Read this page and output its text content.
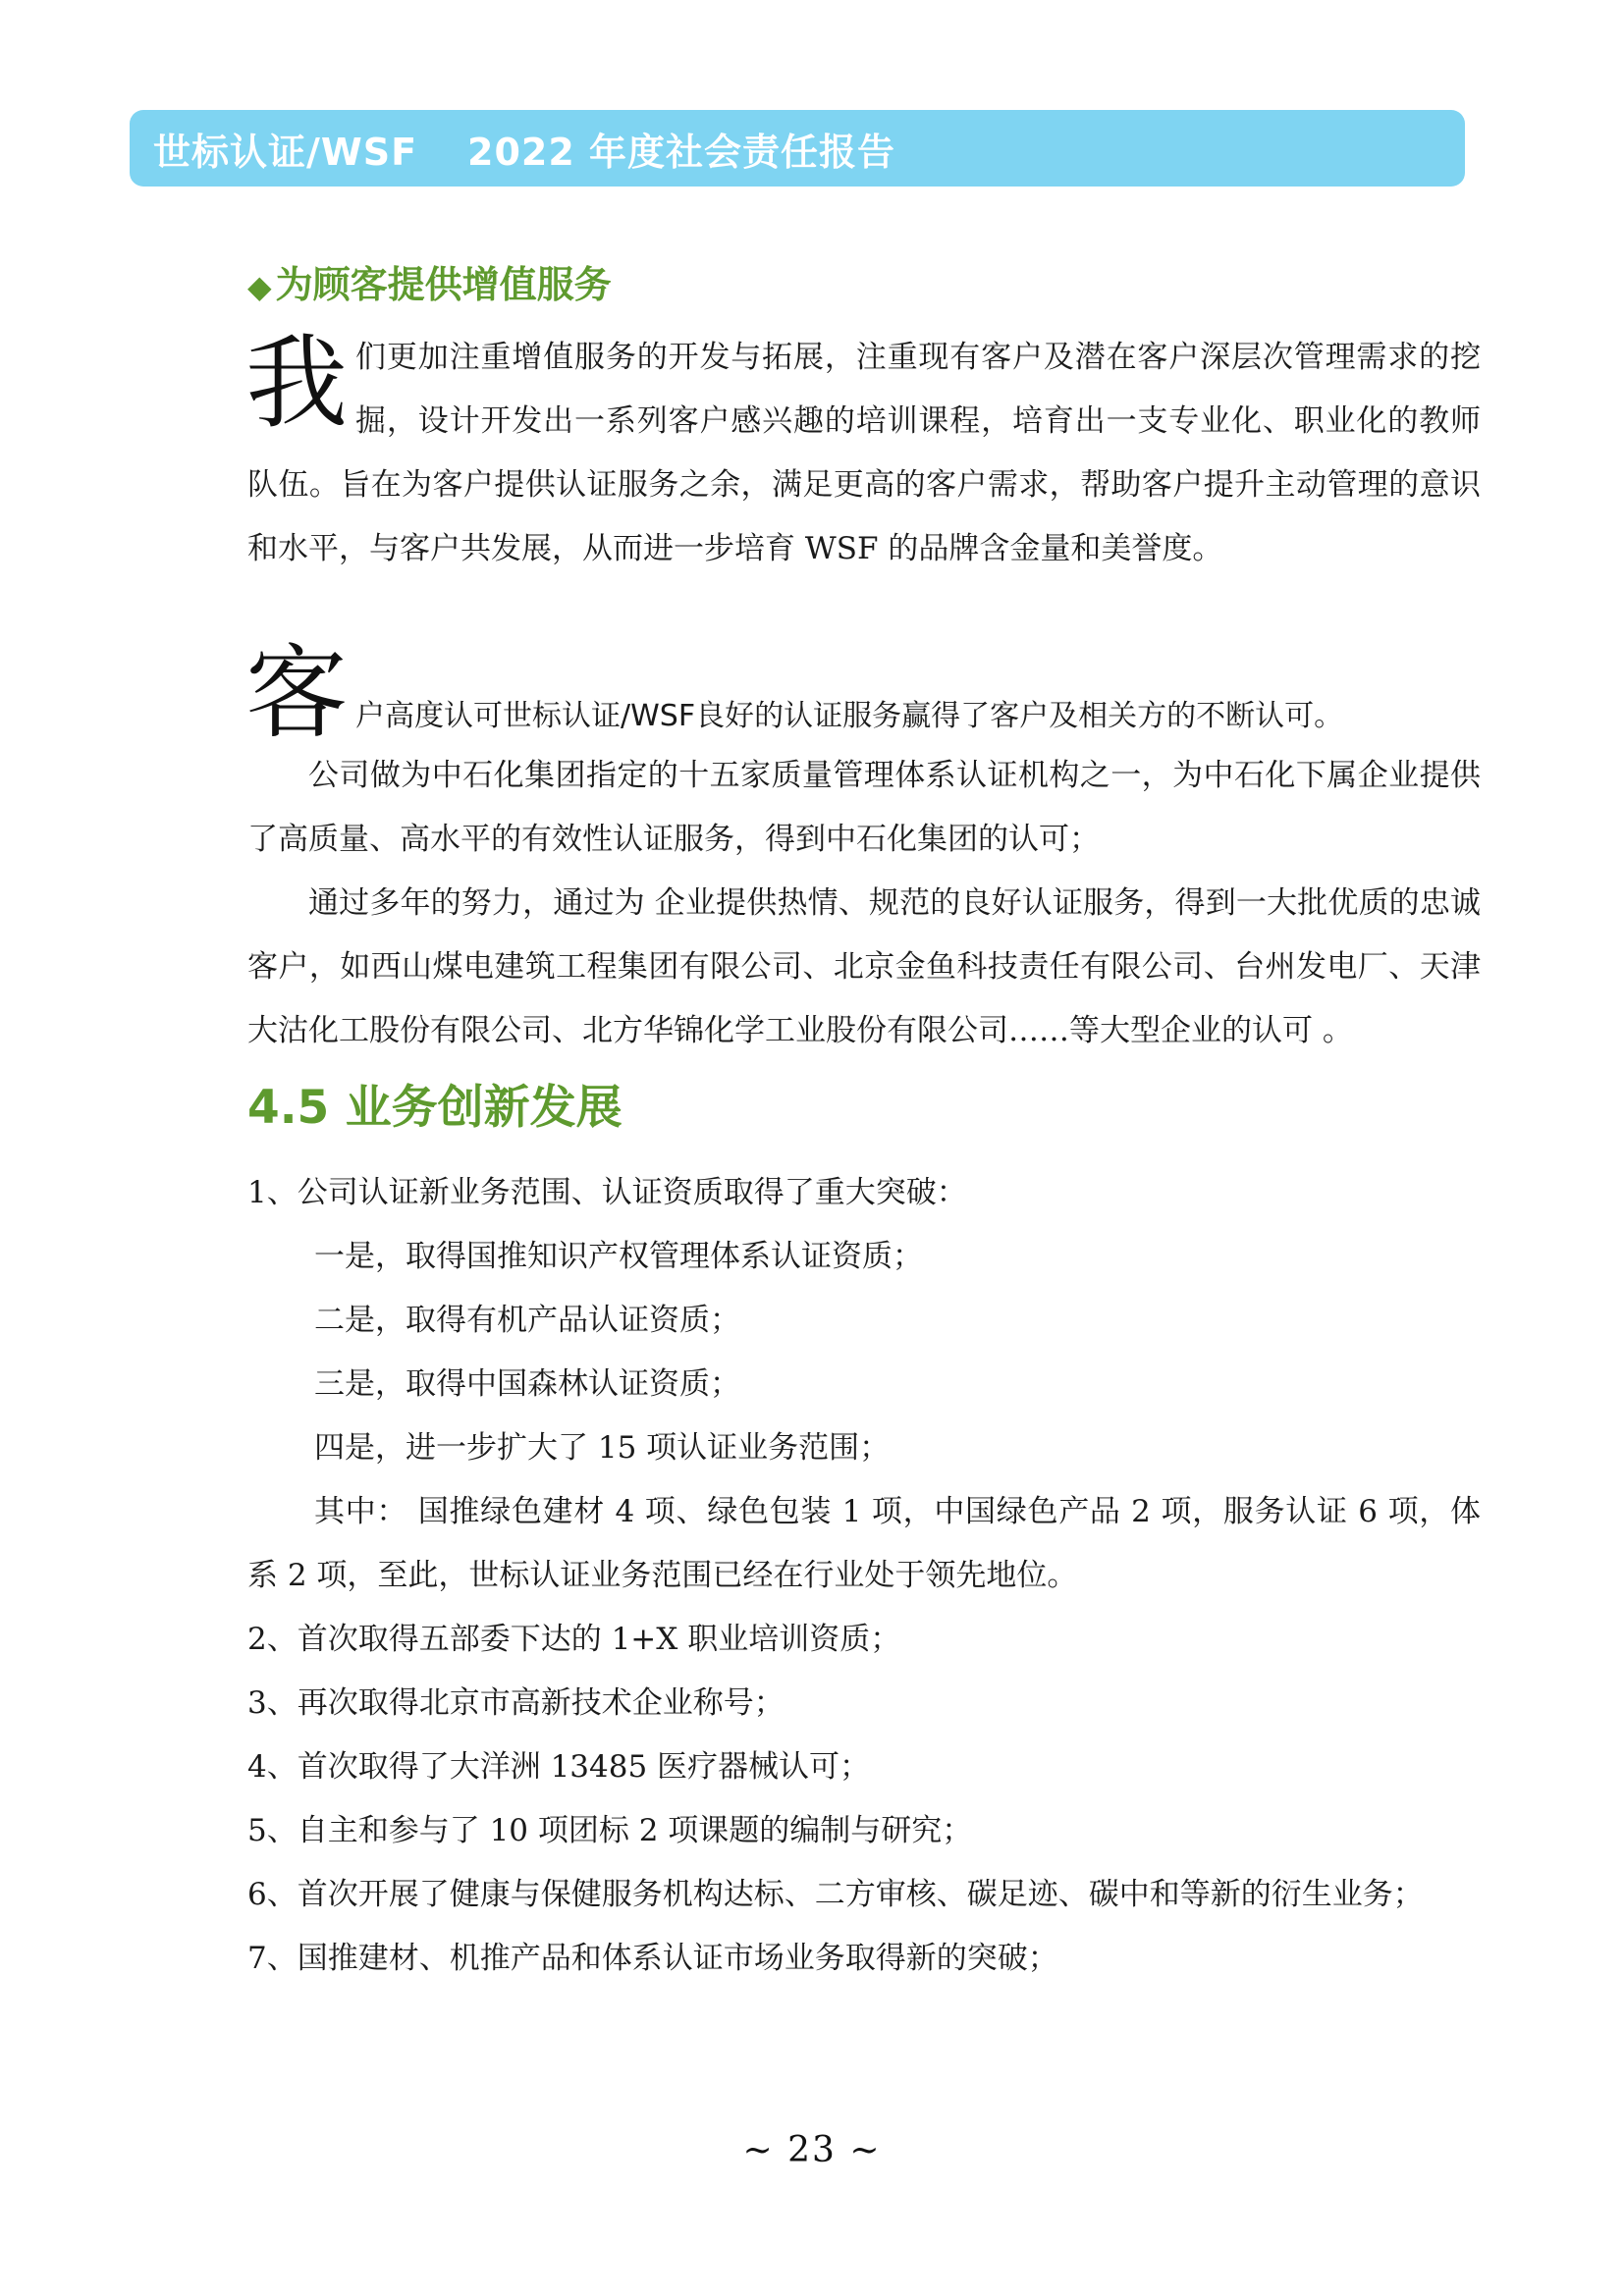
世标认证/WSF 2022 年度社会责任报告
◆ 为顾客提供增值服务

我们更加注重增值服务的开发与拓展，注重现有客户及潜在客户深层次管理需求的挖掘，设计开发出一系列客户感兴趣的培训课程，培育出一支专业化、职业化的教师队伍。旨在为客户提供认证服务之余，满足更高的客户需求，帮助客户提升主动管理的意识和水平，与客户共发展，从而进一步培育 WSF 的品牌含金量和美誉度。

客 户高度认可世标认证/WSF良好的认证服务赢得了客户及相关方的不断认可。

公司做为中石化集团指定的十五家质量管理体系认证机构之一，为中石化下属企业提供了高质量、高水平的有效性认证服务，得到中石化集团的认可；

通过多年的努力，通过为 企业提供热情、规范的良好认证服务，得到一大批优质的忠诚客户，如西山煤电建筑工程集团有限公司、北京金鱼科技责任有限公司、台州发电厂、天津大沽化工股份有限公司、北方华锦化学工业股份有限公司……等大型企业的认可 。

4.5 业务创新发展

1、公司认证新业务范围、认证资质取得了重大突破：

一是，取得国推知识产权管理体系认证资质；

二是，取得有机产品认证资质；

三是，取得中国森林认证资质；

四是，进一步扩大了 15 项认证业务范围；

其中： 国推绿色建材 4 项、绿色包装 1 项，中国绿色产品 2 项，服务认证 6 项，体系 2 项，至此，世标认证业务范围已经在行业处于领先地位。

2、首次取得五部委下达的 1+X 职业培训资质；

3、再次取得北京市高新技术企业称号；

4、首次取得了大洋洲 13485 医疗器械认可；

5、自主和参与了 10 项团标 2 项课题的编制与研究；

6、首次开展了健康与保健服务机构达标、二方审核、碳足迹、碳中和等新的衍生业务；

7、国推建材、机推产品和体系认证市场业务取得新的突破；

~ 23 ~
